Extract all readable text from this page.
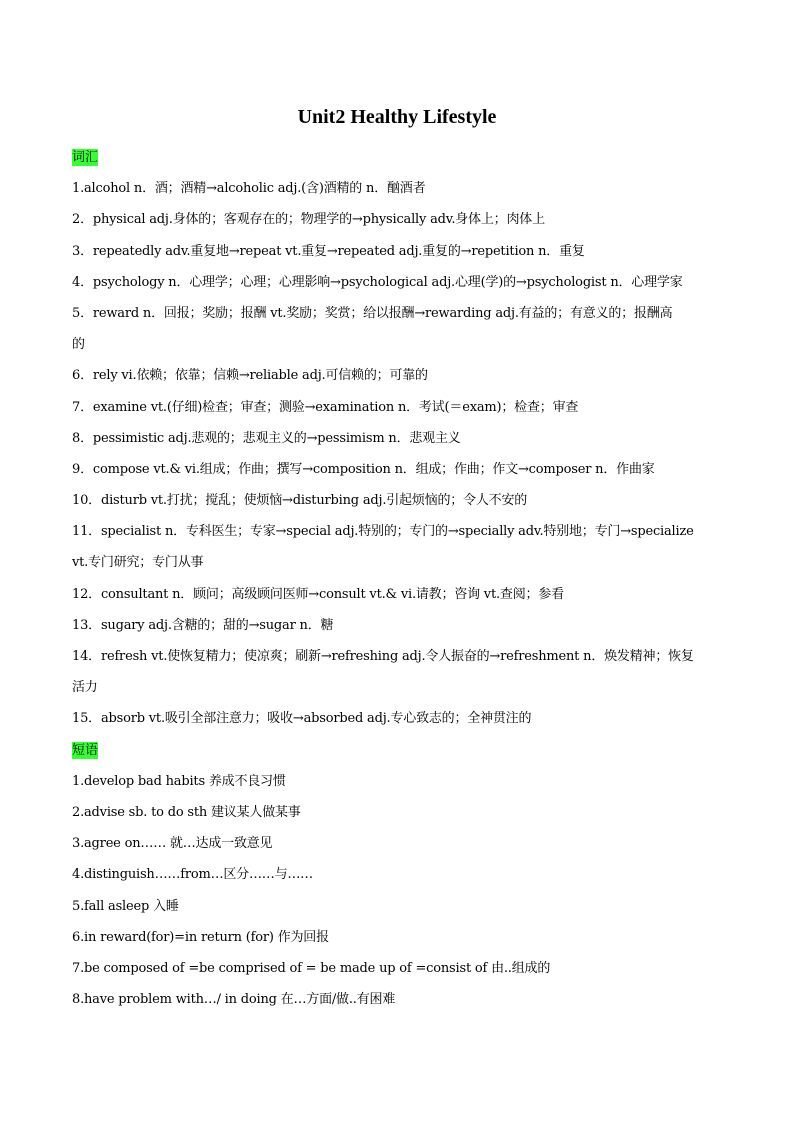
Unit2 Healthy Lifestyle
词汇
1.alcohol n．酒；酒精→alcoholic adj.(含)酒精的 n．酗酒者
2．physical adj.身体的；客观存在的；物理学的→physically adv.身体上；肉体上
3．repeatedly adv.重复地→repeat vt.重复→repeated adj.重复的→repetition n．重复
4．psychology n．心理学；心理；心理影响→psychological adj.心理(学)的→psychologist n．心理学家
5．reward n．回报；奖励；报酬 vt.奖励；奖赏；给以报酬→rewarding adj.有益的；有意义的；报酬高
的
6．rely vi.依赖；依靠；信赖→reliable adj.可信赖的；可靠的
7．examine vt.(仔细)检查；审查；测验→examination n．考试(＝exam)；检查；审查
8．pessimistic adj.悲观的；悲观主义的→pessimism n．悲观主义
9．compose vt.& vi.组成；作曲；撰写→composition n．组成；作曲；作文→composer n．作曲家
10．disturb vt.打扰；搅乱；使烦恼→disturbing adj.引起烦恼的；令人不安的
11．specialist n．专科医生；专家→special adj.特别的；专门的→specially adv.特别地；专门→specialize
vt.专门研究；专门从事
12．consultant n．顾问；高级顾问医师→consult vt.& vi.请教；咨询 vt.查阅；参看
13．sugary adj.含糖的；甜的→sugar n．糖
14．refresh vt.使恢复精力；使凉爽；刷新→refreshing adj.令人振奋的→refreshment n．焕发精神；恢复
活力
15．absorb vt.吸引全部注意力；吸收→absorbed adj.专心致志的；全神贯注的
短语
1.develop bad habits 养成不良习惯
2.advise sb. to do sth 建议某人做某事
3.agree on…… 就…达成一致意见
4.distinguish……from…区分……与……
5.fall asleep 入睡
6.in reward(for)=in return (for) 作为回报
7.be composed of =be comprised of = be made up of =consist of 由..组成的
8.have problem with…/ in doing 在…方面/做..有困难
